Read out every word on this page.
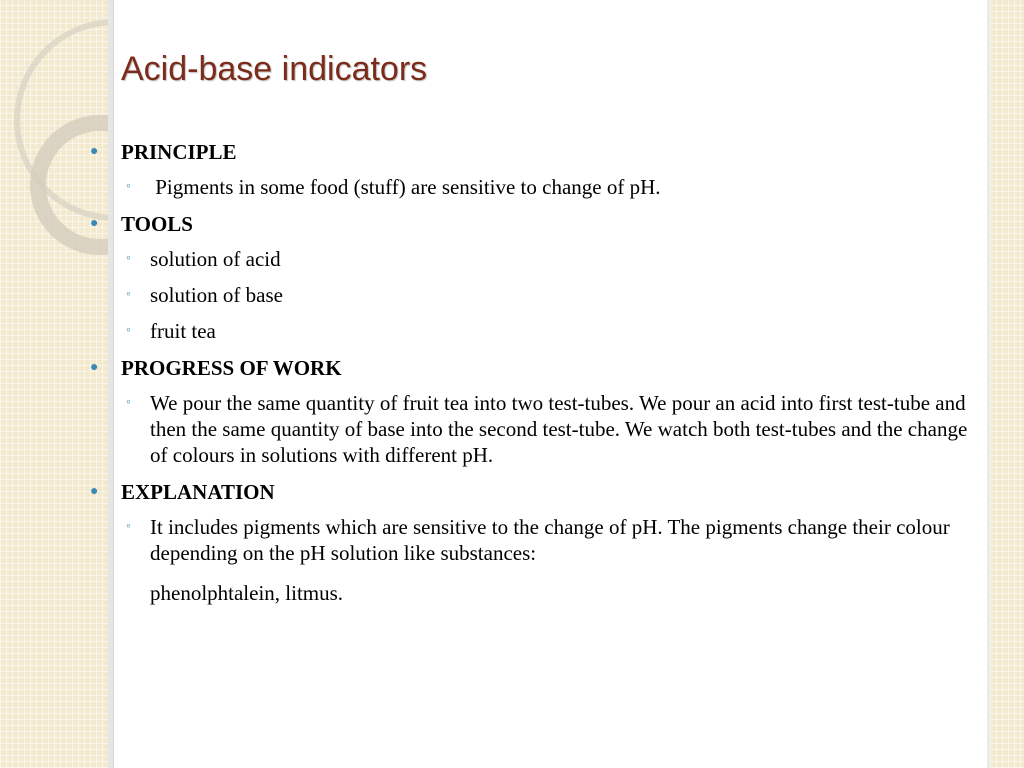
Acid-base indicators
● PRINCIPLE
◦ Pigments in some food (stuff) are sensitive to change of pH.
● TOOLS
◦ solution of acid
◦ solution of base
◦ fruit tea
● PROGRESS OF WORK
◦ We pour the same quantity of fruit tea into two test-tubes. We pour an acid into first test-tube and then the same quantity of base into the second test-tube. We watch both test-tubes and the change of colours in solutions with different pH.
● EXPLANATION
◦ It includes pigments which are sensitive to the change of pH. The pigments change their colour depending on the pH solution like substances:
phenolphtalein, litmus.
